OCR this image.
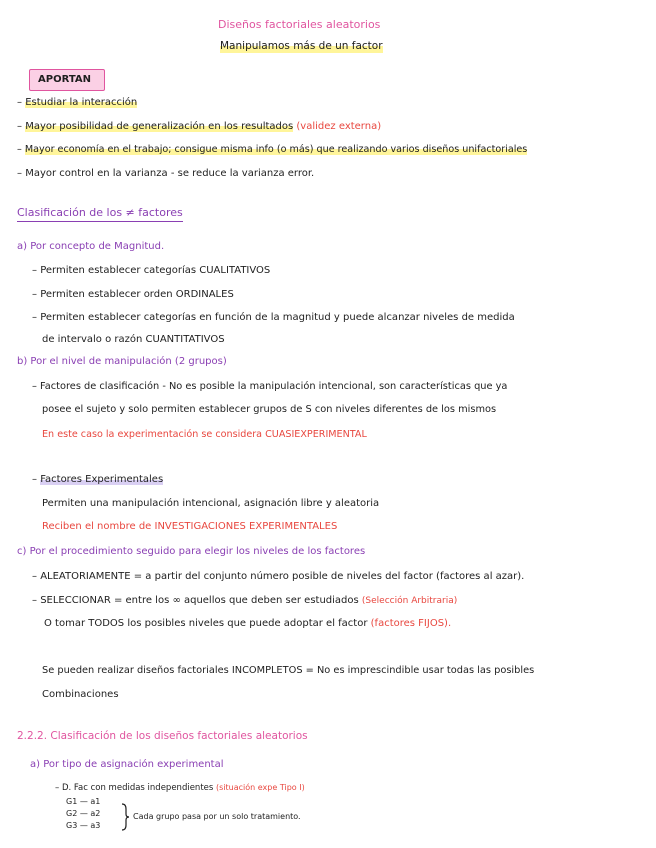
Diseños factoriales aleatorios
Manipulamos más de un factor
APORTAN
– Estudiar la interacción
– Mayor posibilidad de generalización en los resultados (validez externa)
– Mayor economía en el trabajo; consigue misma info (o más) que realizando varios diseños unifactoriales
– Mayor control en la varianza - se reduce la varianza error.
Clasificación de los ≠ factores
a) Por concepto de Magnitud.
– Permiten establecer categorías CUALITATIVOS
– Permiten establecer orden ORDINALES
– Permiten establecer categorías en función de la magnitud y puede alcanzar niveles de medida
de intervalo o razón CUANTITATIVOS
b) Por el nivel de manipulación (2 grupos)
– Factores de clasificación - No es posible la manipulación intencional, son características que ya
posee el sujeto y solo permiten establecer grupos de S con niveles diferentes de los mismos
En este caso la experimentación se considera CUASIEXPERIMENTAL
– Factores Experimentales
Permiten una manipulación intencional, asignación libre y aleatoria
Reciben el nombre de INVESTIGACIONES EXPERIMENTALES
c) Por el procedimiento seguido para elegir los niveles de los factores
– ALEATORIAMENTE = a partir del conjunto número posible de niveles del factor (factores al azar).
– SELECCIONAR = entre los ∞ aquellos que deben ser estudiados (Selección Arbitraria)
O tomar TODOS los posibles niveles que puede adoptar el factor (factores FIJOS).
Se pueden realizar diseños factoriales INCOMPLETOS = No es imprescindible usar todas las posibles
Combinaciones
2.2.2. Clasificación de los diseños factoriales aleatorios
a) Por tipo de asignación experimental
– D. Fac con medidas independientes (situación expe Tipo I)
G1 — a1
G2 — a2
G3 — a3
Cada grupo pasa por un solo tratamiento.
